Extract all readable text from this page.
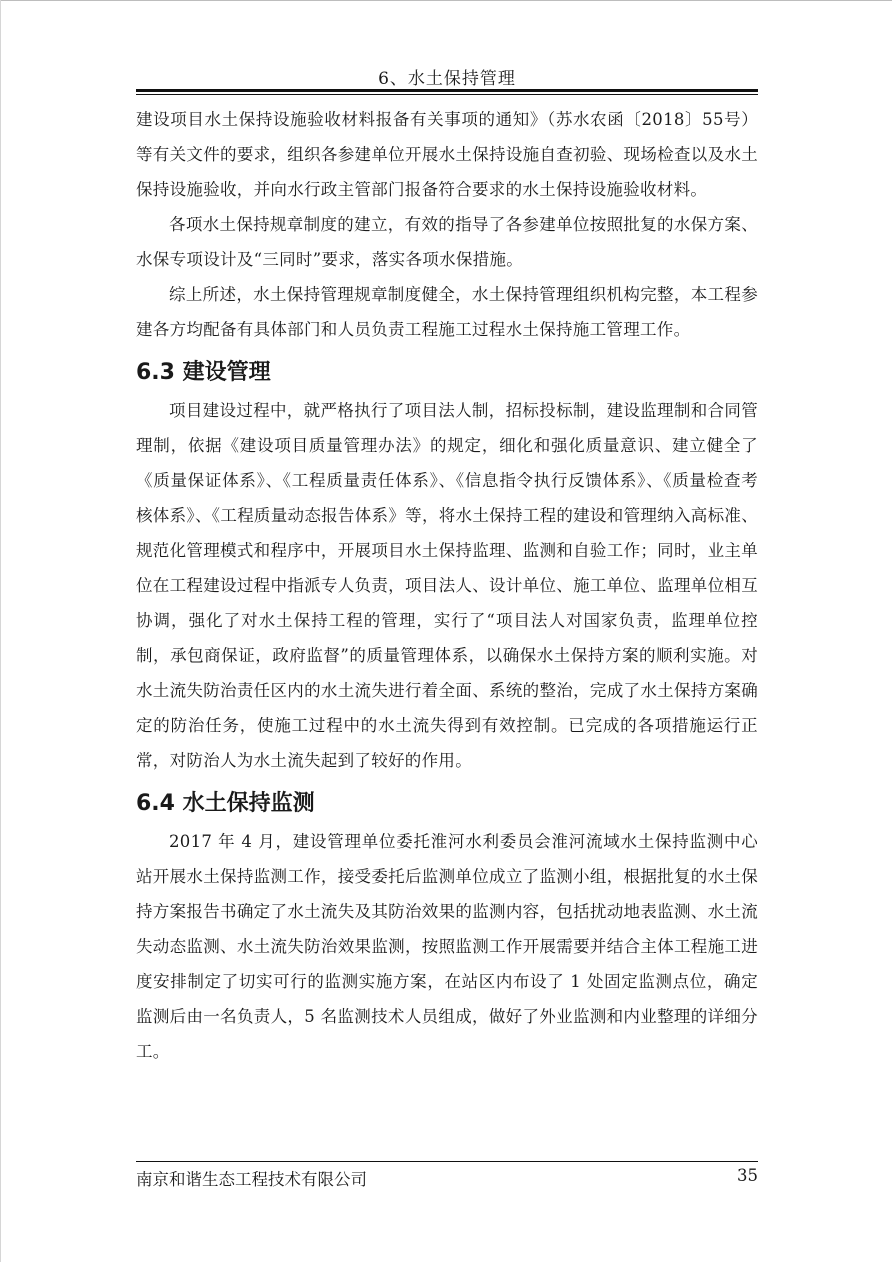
6、水土保持管理

建设项目水土保持设施验收材料报备有关事项的通知》（苏水农函〔2018〕55号）等有关文件的要求，组织各参建单位开展水土保持设施自查初验、现场检查以及水土保持设施验收，并向水行政主管部门报备符合要求的水土保持设施验收材料。

各项水土保持规章制度的建立，有效的指导了各参建单位按照批复的水保方案、水保专项设计及“三同时”要求，落实各项水保措施。

综上所述，水土保持管理规章制度健全，水土保持管理组织机构完整，本工程参建各方均配备有具体部门和人员负责工程施工过程水土保持施工管理工作。

6.3 建设管理

项目建设过程中，就严格执行了项目法人制，招标投标制，建设监理制和合同管理制，依据《建设项目质量管理办法》的规定，细化和强化质量意识、建立健全了《质量保证体系》、《工程质量责任体系》、《信息指令执行反馈体系》、《质量检查考核体系》、《工程质量动态报告体系》等，将水土保持工程的建设和管理纳入高标准、规范化管理模式和程序中，开展项目水土保持监理、监测和自验工作；同时，业主单位在工程建设过程中指派专人负责，项目法人、设计单位、施工单位、监理单位相互协调，强化了对水土保持工程的管理，实行了“项目法人对国家负责，监理单位控制，承包商保证，政府监督”的质量管理体系，以确保水土保持方案的顺利实施。对水土流失防治责任区内的水土流失进行着全面、系统的整治，完成了水土保持方案确定的防治任务，使施工过程中的水土流失得到有效控制。已完成的各项措施运行正常，对防治人为水土流失起到了较好的作用。

6.4 水土保持监测

2017 年 4 月，建设管理单位委托淮河水利委员会淮河流域水土保持监测中心站开展水土保持监测工作，接受委托后监测单位成立了监测小组，根据批复的水土保持方案报告书确定了水土流失及其防治效果的监测内容，包括扰动地表监测、水土流失动态监测、水土流失防治效果监测，按照监测工作开展需要并结合主体工程施工进度安排制定了切实可行的监测实施方案，在站区内布设了 1 处固定监测点位，确定监测后由一名负责人，5 名监测技术人员组成，做好了外业监测和内业整理的详细分工。

南京和谐生态工程技术有限公司	35
